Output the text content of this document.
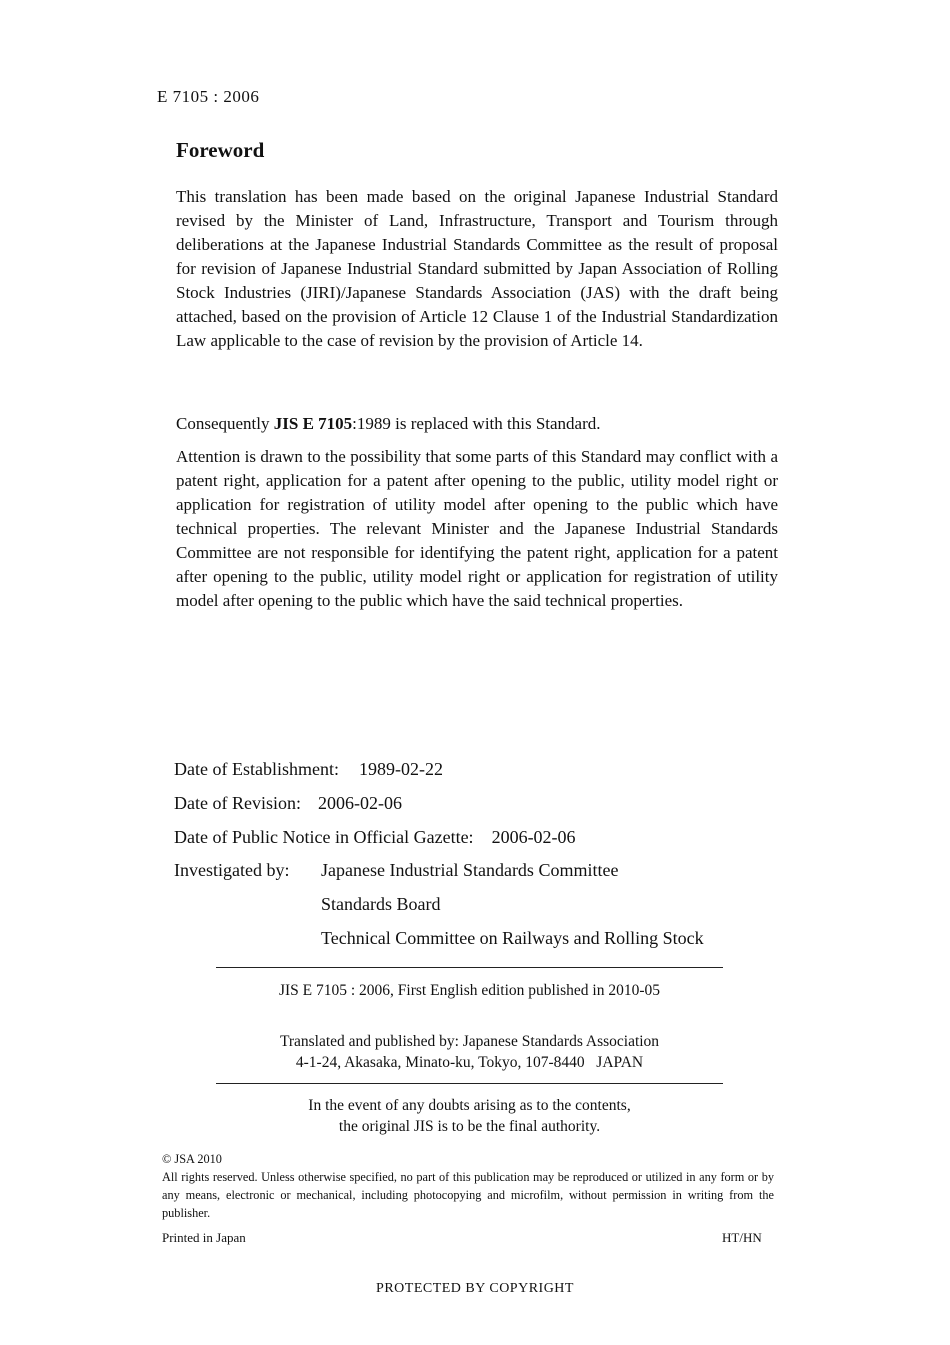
E 7105 : 2006
Foreword
This translation has been made based on the original Japanese Industrial Standard revised by the Minister of Land, Infrastructure, Transport and Tourism through deliberations at the Japanese Industrial Standards Committee as the result of proposal for revision of Japanese Industrial Standard submitted by Japan Association of Rolling Stock Industries (JIRI)/Japanese Standards Association (JAS) with the draft being attached, based on the provision of Article 12 Clause 1 of the Industrial Standardization Law applicable to the case of revision by the provision of Article 14.
Consequently JIS E 7105:1989 is replaced with this Standard.
Attention is drawn to the possibility that some parts of this Standard may conflict with a patent right, application for a patent after opening to the public, utility model right or application for registration of utility model after opening to the public which have technical properties. The relevant Minister and the Japanese Industrial Standards Committee are not responsible for identifying the patent right, application for a patent after opening to the public, utility model right or application for registration of utility model after opening to the public which have the said technical properties.
Date of Establishment: 1989-02-22
Date of Revision: 2006-02-06
Date of Public Notice in Official Gazette: 2006-02-06
Investigated by: Japanese Industrial Standards Committee
Standards Board
Technical Committee on Railways and Rolling Stock
JIS E 7105 : 2006, First English edition published in 2010-05
Translated and published by: Japanese Standards Association
4-1-24, Akasaka, Minato-ku, Tokyo, 107-8440   JAPAN
In the event of any doubts arising as to the contents,
the original JIS is to be the final authority.
© JSA 2010
All rights reserved. Unless otherwise specified, no part of this publication may be reproduced or utilized in any form or by any means, electronic or mechanical, including photocopying and microfilm, without permission in writing from the publisher.
Printed in Japan	HT/HN
PROTECTED BY COPYRIGHT
